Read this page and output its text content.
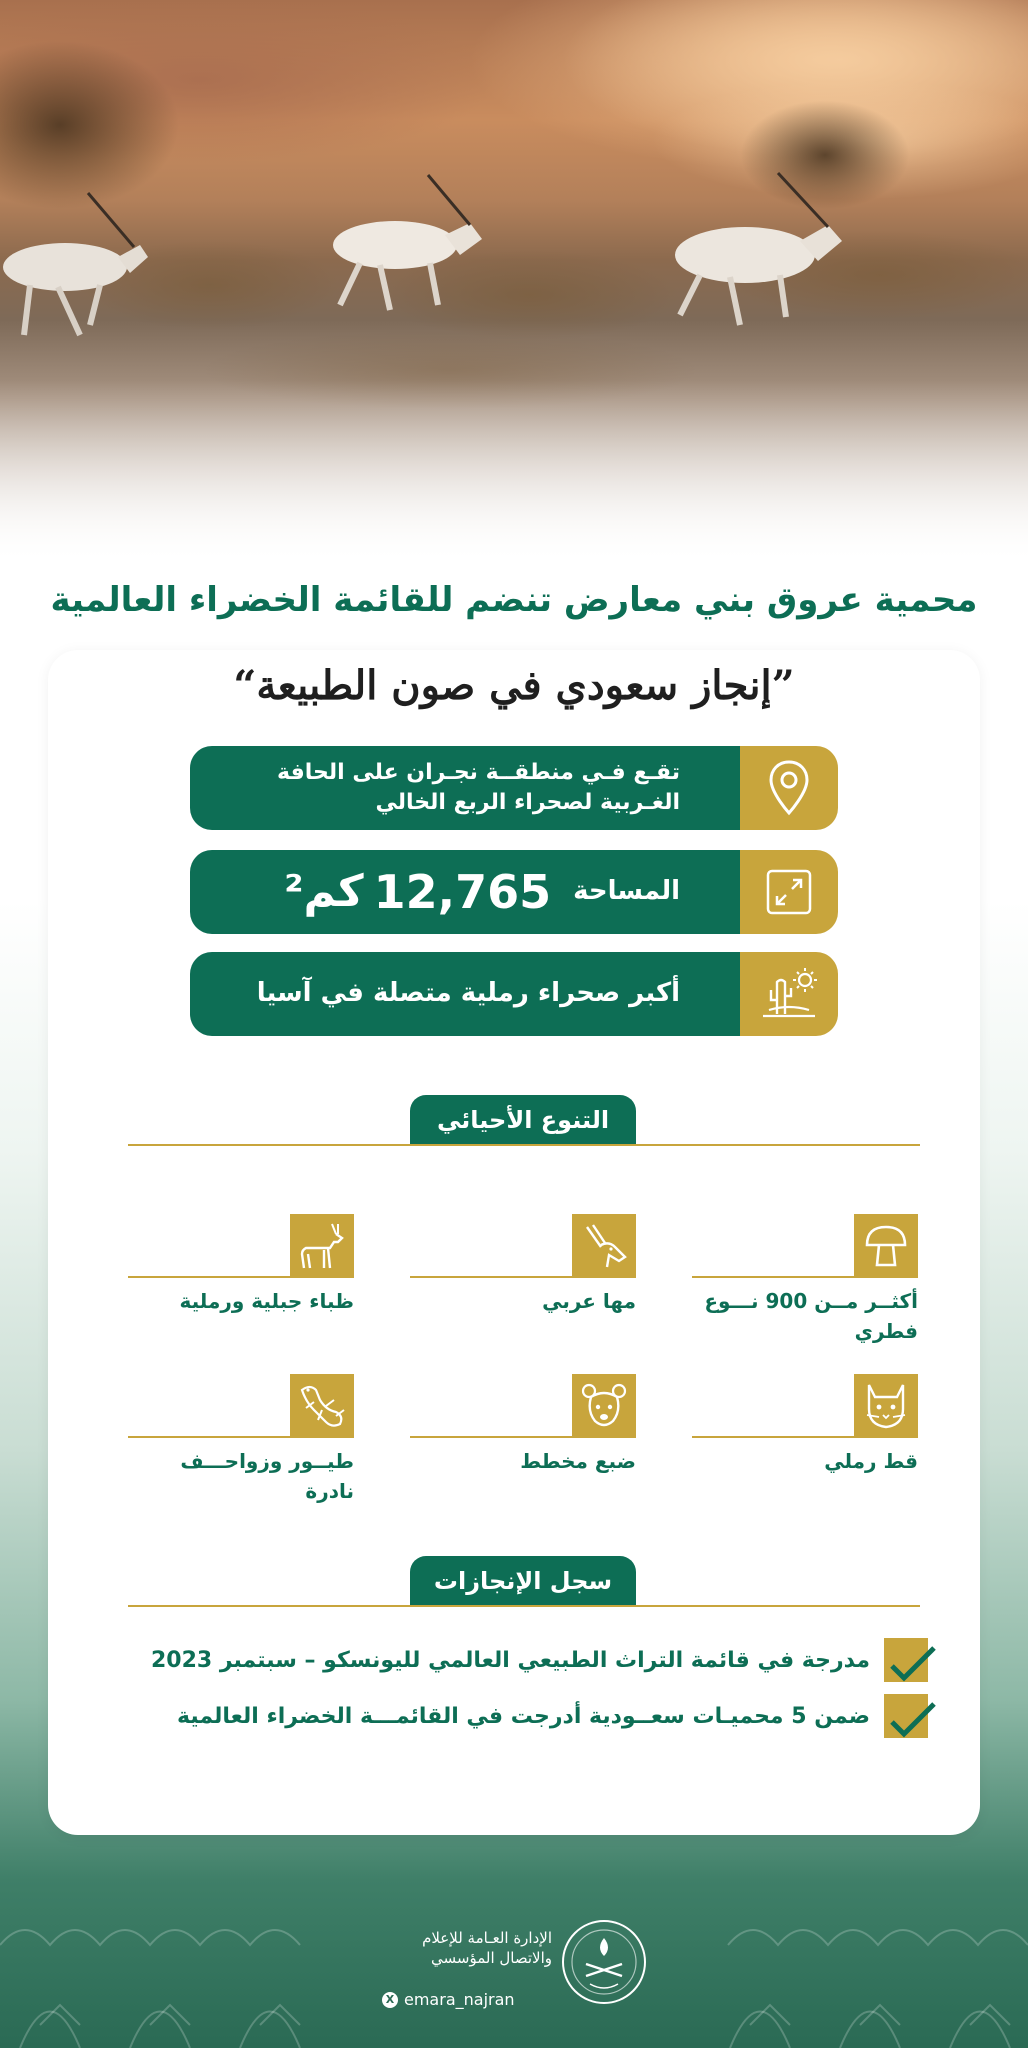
محمية عروق بني معارض تنضم للقائمة الخضراء العالمية
”إنجاز سعودي في صون الطبيعة“
تقـع فـي منطقــة نجـران على الحافة الغـربية لصحراء الربع الخالي
المساحة
12,765
كم²
أكبر صحراء رملية متصلة في آسيا
التنوع الأحيائي
أكثــر مــن 900 نـــوع فطري
مها عربي
ظباء جبلية ورملية
قط رملي
ضبع مخطط
طيــور وزواحـــف نادرة
سجل الإنجازات
مدرجة في قائمة التراث الطبيعي العالمي لليونسكو – سبتمبر 2023
ضمن 5 محميـات سعــودية أدرجت في القائمـــة الخضراء العالمية
الإدارة العـامة للإعلام
والاتصال المؤسسي
X emara_najran
